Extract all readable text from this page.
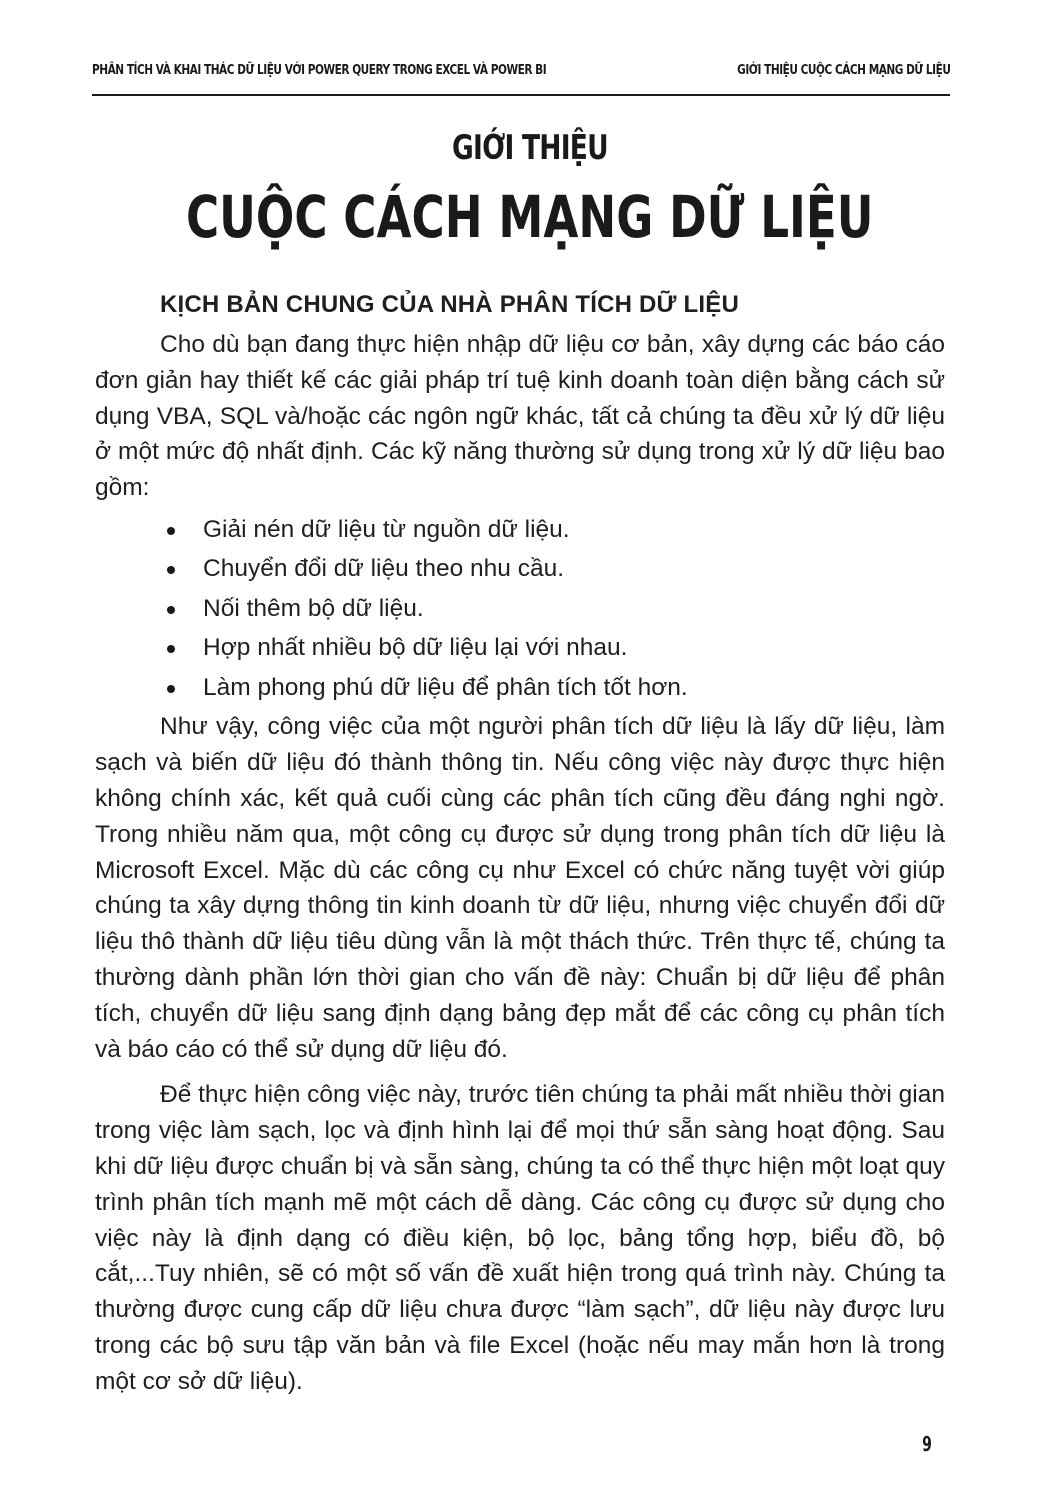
PHÂN TÍCH VÀ KHAI THÁC DỮ LIỆU VỚI POWER QUERY TRONG EXCEL VÀ POWER BI	GIỚI THIỆU CUỘC CÁCH MẠNG DỮ LIỆU
GIỚI THIỆU
CUỘC CÁCH MẠNG DỮ LIỆU
KỊCH BẢN CHUNG CỦA NHÀ PHÂN TÍCH DỮ LIỆU

Cho dù bạn đang thực hiện nhập dữ liệu cơ bản, xây dựng các báo cáo đơn giản hay thiết kế các giải pháp trí tuệ kinh doanh toàn diện bằng cách sử dụng VBA, SQL và/hoặc các ngôn ngữ khác, tất cả chúng ta đều xử lý dữ liệu ở một mức độ nhất định. Các kỹ năng thường sử dụng trong xử lý dữ liệu bao gồm:

Giải nén dữ liệu từ nguồn dữ liệu.
Chuyển đổi dữ liệu theo nhu cầu.
Nối thêm bộ dữ liệu.
Hợp nhất nhiều bộ dữ liệu lại với nhau.
Làm phong phú dữ liệu để phân tích tốt hơn.

Như vậy, công việc của một người phân tích dữ liệu là lấy dữ liệu, làm sạch và biến dữ liệu đó thành thông tin. Nếu công việc này được thực hiện không chính xác, kết quả cuối cùng các phân tích cũng đều đáng nghi ngờ. Trong nhiều năm qua, một công cụ được sử dụng trong phân tích dữ liệu là Microsoft Excel. Mặc dù các công cụ như Excel có chức năng tuyệt vời giúp chúng ta xây dựng thông tin kinh doanh từ dữ liệu, nhưng việc chuyển đổi dữ liệu thô thành dữ liệu tiêu dùng vẫn là một thách thức. Trên thực tế, chúng ta thường dành phần lớn thời gian cho vấn đề này: Chuẩn bị dữ liệu để phân tích, chuyển dữ liệu sang định dạng bảng đẹp mắt để các công cụ phân tích và báo cáo có thể sử dụng dữ liệu đó.

Để thực hiện công việc này, trước tiên chúng ta phải mất nhiều thời gian trong việc làm sạch, lọc và định hình lại để mọi thứ sẵn sàng hoạt động. Sau khi dữ liệu được chuẩn bị và sẵn sàng, chúng ta có thể thực hiện một loạt quy trình phân tích mạnh mẽ một cách dễ dàng. Các công cụ được sử dụng cho việc này là định dạng có điều kiện, bộ lọc, bảng tổng hợp, biểu đồ, bộ cắt,...Tuy nhiên, sẽ có một số vấn đề xuất hiện trong quá trình này. Chúng ta thường được cung cấp dữ liệu chưa được “làm sạch”, dữ liệu này được lưu trong các bộ sưu tập văn bản và file Excel (hoặc nếu may mắn hơn là trong một cơ sở dữ liệu).

9
